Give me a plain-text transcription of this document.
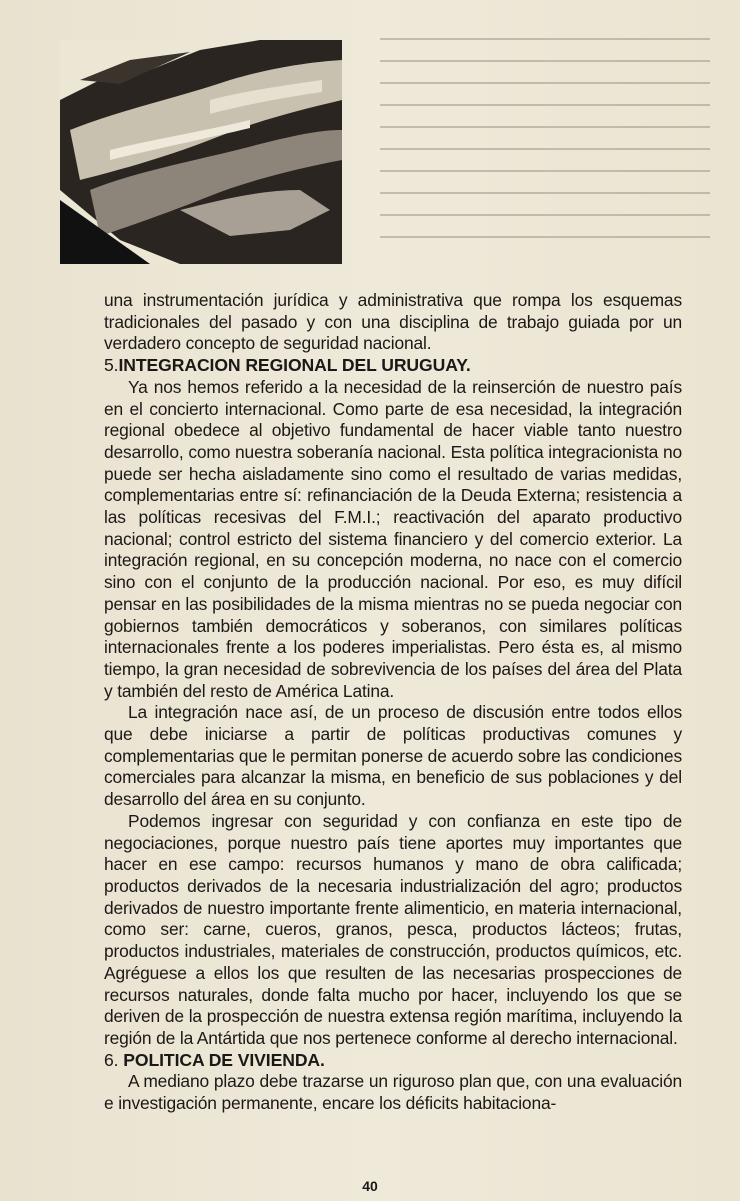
una instrumentación jurídica y administrativa que rompa los esquemas tradicionales del pasado y con una disciplina de trabajo guiada por un verdadero concepto de seguridad nacional.

5.INTEGRACION REGIONAL DEL URUGUAY.

Ya nos hemos referido a la necesidad de la reinserción de nuestro país en el concierto internacional. Como parte de esa necesidad, la integración regional obedece al objetivo fundamental de hacer viable tanto nuestro desarrollo, como nuestra soberanía nacional. Esta política integracionista no puede ser hecha aisladamente sino como el resultado de varias medidas, complementarias entre sí: refinanciación de la Deuda Externa; resistencia a las políticas recesivas del F.M.I.; reactivación del aparato productivo nacional; control estricto del sistema financiero y del comercio exterior. La integración regional, en su concepción moderna, no nace con el comercio sino con el conjunto de la producción nacional. Por eso, es muy difícil pensar en las posibilidades de la misma mientras no se pueda negociar con gobiernos también democráticos y soberanos, con similares políticas internacionales frente a los poderes imperialistas. Pero ésta es, al mismo tiempo, la gran necesidad de sobrevivencia de los países del área del Plata y también del resto de América Latina.

La integración nace así, de un proceso de discusión entre todos ellos que debe iniciarse a partir de políticas productivas comunes y complementarias que le permitan ponerse de acuerdo sobre las condiciones comerciales para alcanzar la misma, en beneficio de sus poblaciones y del desarrollo del área en su conjunto.

Podemos ingresar con seguridad y con confianza en este tipo de negociaciones, porque nuestro país tiene aportes muy importantes que hacer en ese campo: recursos humanos y mano de obra calificada; productos derivados de la necesaria industrialización del agro; productos derivados de nuestro importante frente alimenticio, en materia internacional, como ser: carne, cueros, granos, pesca, productos lácteos; frutas, productos industriales, materiales de construcción, productos químicos, etc. Agréguese a ellos los que resulten de las necesarias prospecciones de recursos naturales, donde falta mucho por hacer, incluyendo los que se deriven de la prospección de nuestra extensa región marítima, incluyendo la región de la Antártida que nos pertenece conforme al derecho internacional.

6. POLITICA DE VIVIENDA.

A mediano plazo debe trazarse un riguroso plan que, con una evaluación e investigación permanente, encare los déficits habitaciona-

40
